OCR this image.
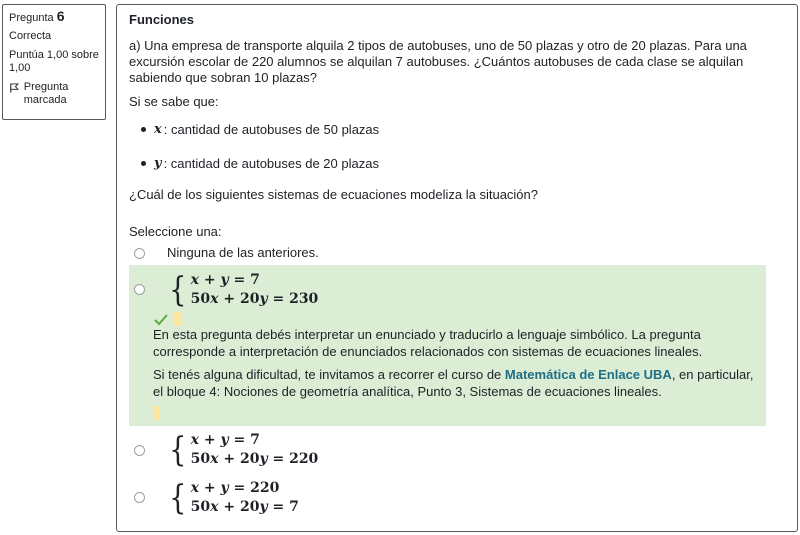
Pregunta 6
Correcta
Puntúa 1,00 sobre 1,00
Pregunta marcada
Funciones

a) Una empresa de transporte alquila 2 tipos de autobuses, uno de 50 plazas y otro de 20 plazas. Para una excursión escolar de 220 alumnos se alquilan 7 autobuses. ¿Cuántos autobuses de cada clase se alquilan sabiendo que sobran 10 plazas?

Si se sabe que:
x : cantidad de autobuses de 50 plazas
y : cantidad de autobuses de 20 plazas
¿Cuál de los siguientes sistemas de ecuaciones modeliza la situación?
Seleccione una:
Ninguna de las anteriores.
{ x + y = 7
50x + 20y = 230
En esta pregunta debés interpretar un enunciado y traducirlo a lenguaje simbólico. La pregunta corresponde a interpretación de enunciados relacionados con sistemas de ecuaciones lineales.
Si tenés alguna dificultad, te invitamos a recorrer el curso de Matemática de Enlace UBA, en particular, el bloque 4: Nociones de geometría analítica, Punto 3, Sistemas de ecuaciones lineales.
{ x + y = 7
50x + 20y = 220
{ x + y = 220
50x + 20y = 7
